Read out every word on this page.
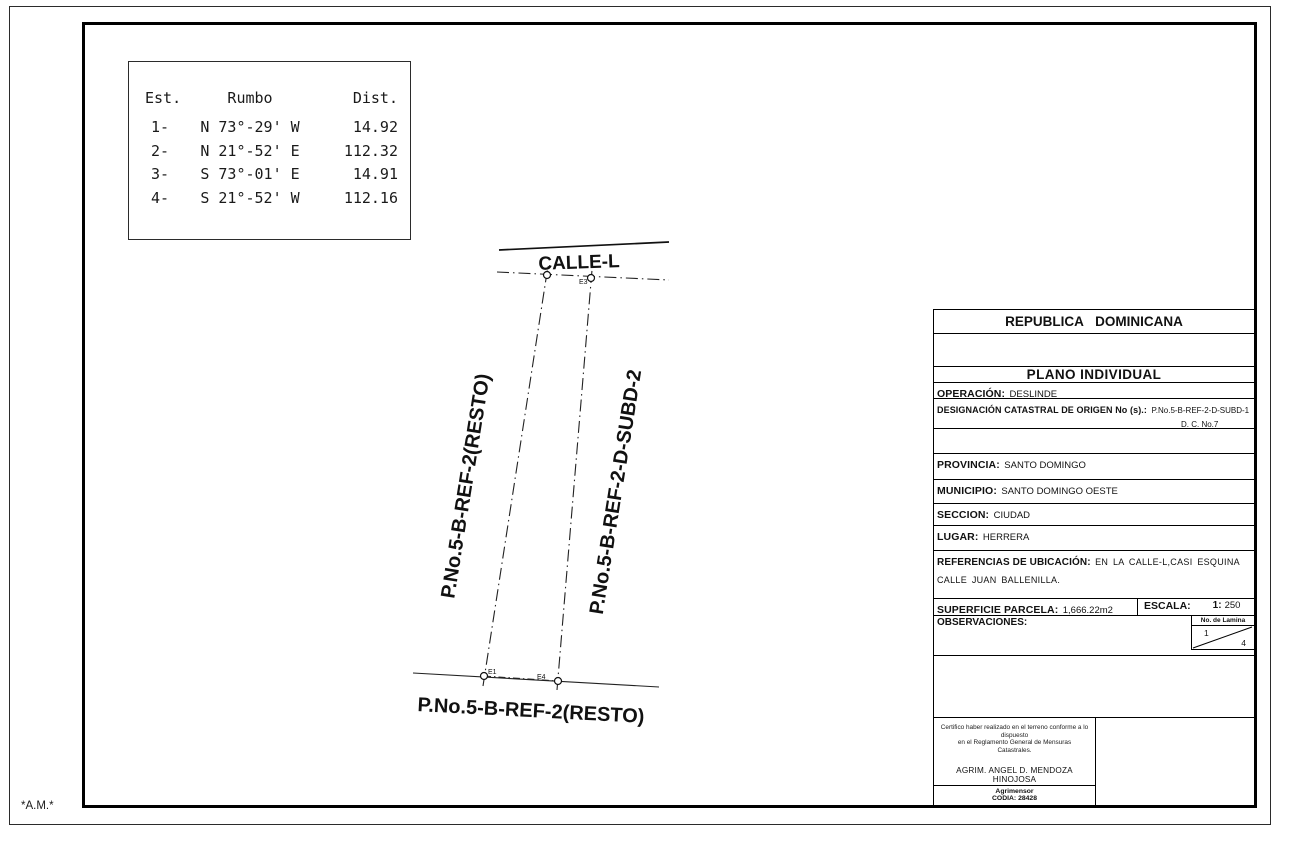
*A.M.*
Est.	Rumbo	Dist.
1-	N 73°-29' W	14.92
2-	N 21°-52' E	112.32
3-	S 73°-01' E	14.91
4-	S 21°-52' W	112.16
E3
E1
E4
CALLE-L
P.No.5-B-REF-2(RESTO)	P.No.5-B-REF-2-D-SUBD-2
P.No.5-B-REF-2(RESTO)
REPUBLICA DOMINICANA
PLANO INDIVIDUAL
OPERACIÓN: DESLINDE
DESIGNACIÓN CATASTRAL DE ORIGEN No (s).: P.No.5-B-REF-2-D-SUBD-1
D. C. No.7
PROVINCIA: SANTO DOMINGO
MUNICIPIO: SANTO DOMINGO OESTE
SECCION: CIUDAD
LUGAR: HERRERA
REFERENCIAS DE UBICACIÓN: EN LA CALLE-L,CASI ESQUINA CALLE JUAN BALLENILLA.
SUPERFICIE PARCELA: 1,666.22m2	ESCALA: 1: 250
OBSERVACIONES:	No. de Lamina
1
4
Certifico haber realizado en el terreno conforme a lo dispuesto
en el Reglamento General de Mensuras Catastrales.
AGRIM. ANGEL D. MENDOZA HINOJOSA
Agrimensor
CODIA: 28428
